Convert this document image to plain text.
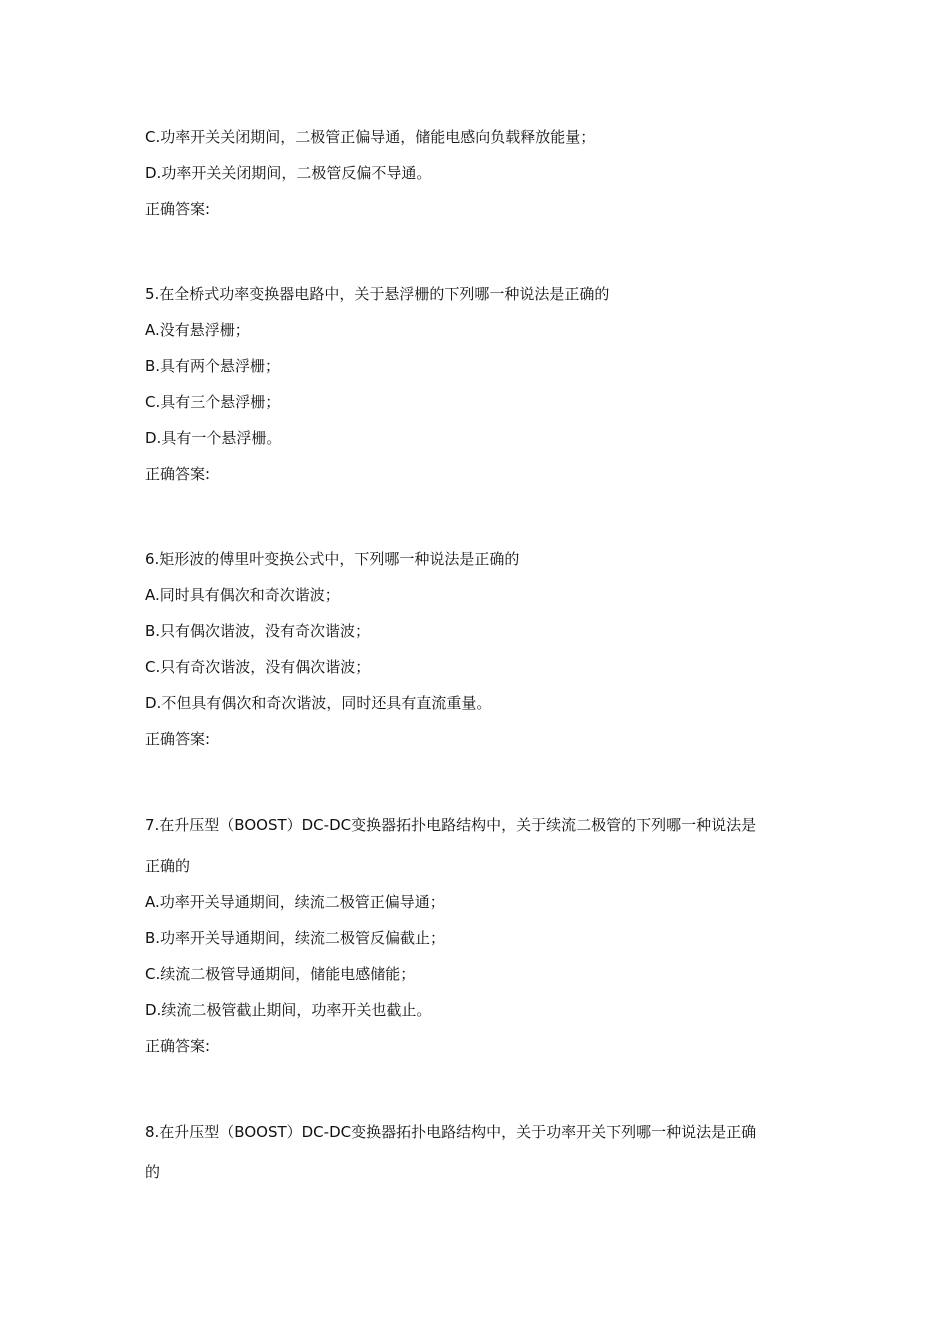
C.功率开关关闭期间，二极管正偏导通，储能电感向负载释放能量；
D.功率开关关闭期间，二极管反偏不导通。
正确答案:
5.在全桥式功率变换器电路中，关于悬浮栅的下列哪一种说法是正确的
A.没有悬浮栅；
B.具有两个悬浮栅；
C.具有三个悬浮栅；
D.具有一个悬浮栅。
正确答案:
6.矩形波的傅里叶变换公式中，下列哪一种说法是正确的
A.同时具有偶次和奇次谐波；
B.只有偶次谐波，没有奇次谐波；
C.只有奇次谐波，没有偶次谐波；
D.不但具有偶次和奇次谐波，同时还具有直流重量。
正确答案:
7.在升压型（BOOST）DC-DC变换器拓扑电路结构中，关于续流二极管的下列哪一种说法是
正确的
A.功率开关导通期间，续流二极管正偏导通；
B.功率开关导通期间，续流二极管反偏截止；
C.续流二极管导通期间，储能电感储能；
D.续流二极管截止期间，功率开关也截止。
正确答案:
8.在升压型（BOOST）DC-DC变换器拓扑电路结构中，关于功率开关下列哪一种说法是正确
的
